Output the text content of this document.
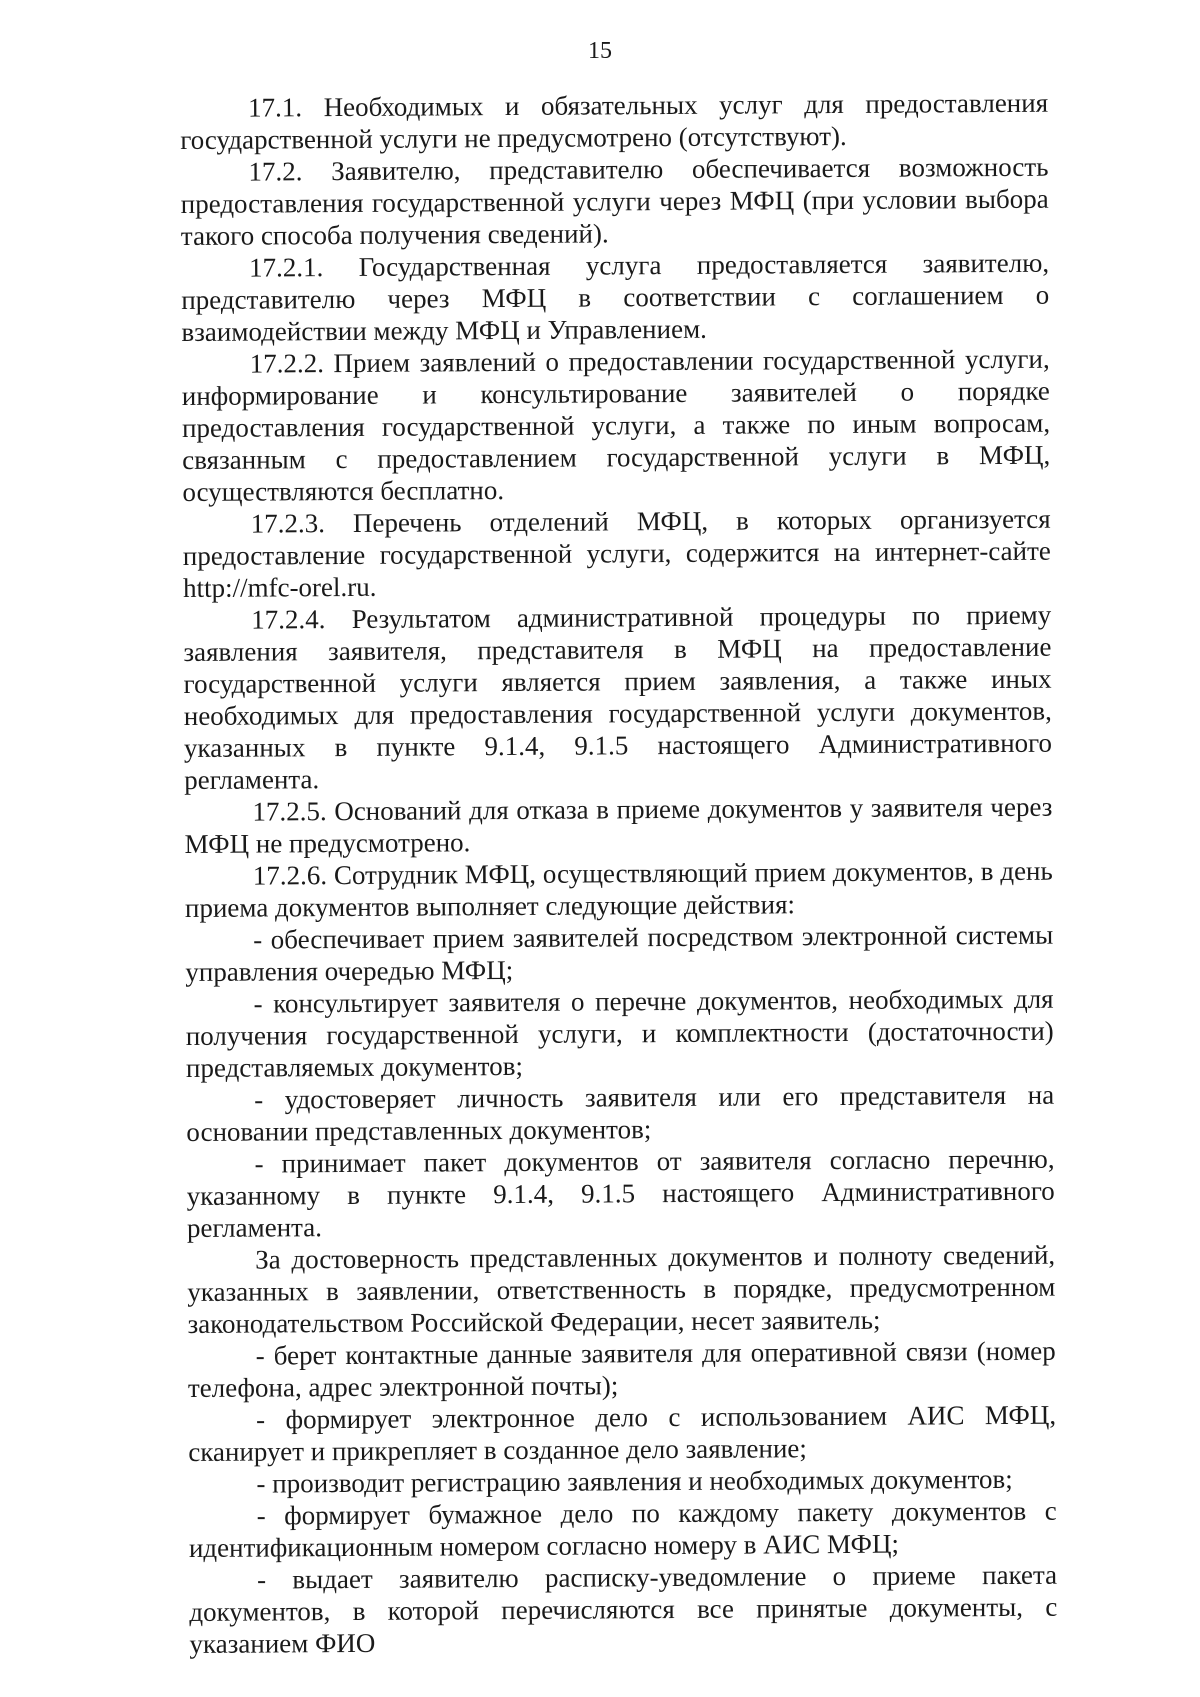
15

17.1. Необходимых и обязательных услуг для предоставления государственной услуги не предусмотрено (отсутствуют).

17.2. Заявителю, представителю обеспечивается возможность предоставления государственной услуги через МФЦ (при условии выбора такого способа получения сведений).

17.2.1. Государственная услуга предоставляется заявителю, представителю через МФЦ в соответствии с соглашением о взаимодействии между МФЦ и Управлением.

17.2.2. Прием заявлений о предоставлении государственной услуги, информирование и консультирование заявителей о порядке предоставления государственной услуги, а также по иным вопросам, связанным с предоставлением государственной услуги в МФЦ, осуществляются бесплатно.

17.2.3. Перечень отделений МФЦ, в которых организуется предоставление государственной услуги, содержится на интернет-сайте http://mfc-orel.ru.

17.2.4. Результатом административной процедуры по приему заявления заявителя, представителя в МФЦ на предоставление государственной услуги является прием заявления, а также иных необходимых для предоставления государственной услуги документов, указанных в пункте 9.1.4, 9.1.5 настоящего Административного регламента.

17.2.5. Оснований для отказа в приеме документов у заявителя через МФЦ не предусмотрено.

17.2.6. Сотрудник МФЦ, осуществляющий прием документов, в день приема документов выполняет следующие действия:

- обеспечивает прием заявителей посредством электронной системы управления очередью МФЦ;

- консультирует заявителя о перечне документов, необходимых для получения государственной услуги, и комплектности (достаточности) представляемых документов;

- удостоверяет личность заявителя или его представителя на основании представленных документов;

- принимает пакет документов от заявителя согласно перечню, указанному в пункте 9.1.4, 9.1.5 настоящего Административного регламента.

За достоверность представленных документов и полноту сведений, указанных в заявлении, ответственность в порядке, предусмотренном законодательством Российской Федерации, несет заявитель;

- берет контактные данные заявителя для оперативной связи (номер телефона, адрес электронной почты);

- формирует электронное дело с использованием АИС МФЦ, сканирует и прикрепляет в созданное дело заявление;

- производит регистрацию заявления и необходимых документов;

- формирует бумажное дело по каждому пакету документов с идентификационным номером согласно номеру в АИС МФЦ;

- выдает заявителю расписку-уведомление о приеме пакета документов, в которой перечисляются все принятые документы, с указанием ФИО
